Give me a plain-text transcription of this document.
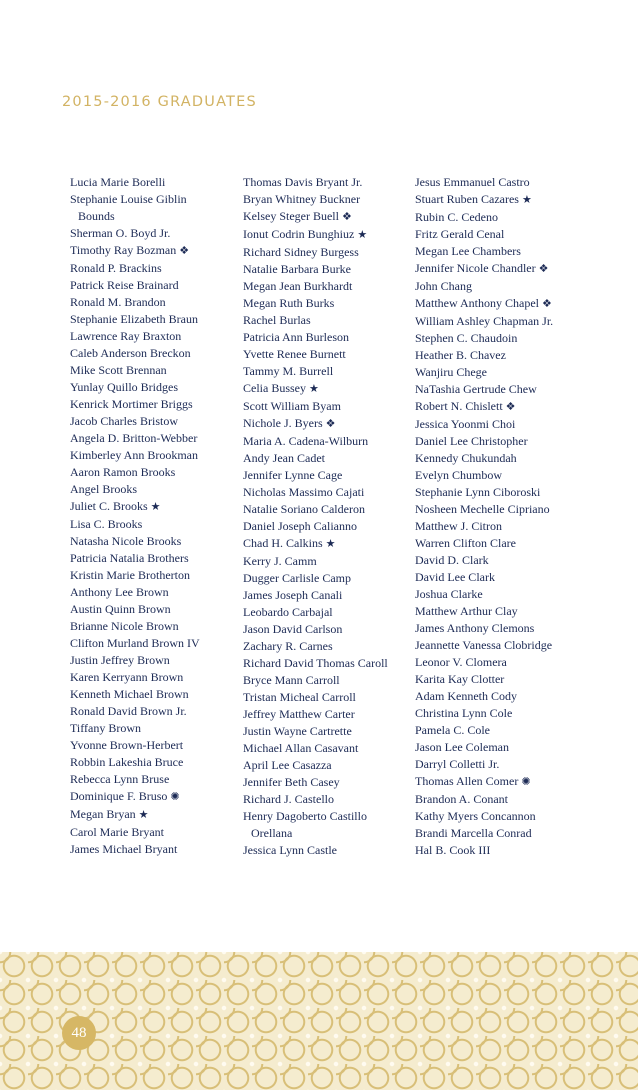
2015-2016 GRADUATES
Lucia Marie Borelli
Stephanie Louise Giblin
Bounds
Sherman O. Boyd Jr.
Timothy Ray Bozman ❖
Ronald P. Brackins
Patrick Reise Brainard
Ronald M. Brandon
Stephanie Elizabeth Braun
Lawrence Ray Braxton
Caleb Anderson Breckon
Mike Scott Brennan
Yunlay Quillo Bridges
Kenrick Mortimer Briggs
Jacob Charles Bristow
Angela D. Britton-Webber
Kimberley Ann Brookman
Aaron Ramon Brooks
Angel Brooks
Juliet C. Brooks ★
Lisa C. Brooks
Natasha Nicole Brooks
Patricia Natalia Brothers
Kristin Marie Brotherton
Anthony Lee Brown
Austin Quinn Brown
Brianne Nicole Brown
Clifton Murland Brown IV
Justin Jeffrey Brown
Karen Kerryann Brown
Kenneth Michael Brown
Ronald David Brown Jr.
Tiffany Brown
Yvonne Brown-Herbert
Robbin Lakeshia Bruce
Rebecca Lynn Bruse
Dominique F. Bruso ✺
Megan Bryan ★
Carol Marie Bryant
James Michael Bryant
Thomas Davis Bryant Jr.
Bryan Whitney Buckner
Kelsey Steger Buell ❖
Ionut Codrin Bunghiuz ★
Richard Sidney Burgess
Natalie Barbara Burke
Megan Jean Burkhardt
Megan Ruth Burks
Rachel Burlas
Patricia Ann Burleson
Yvette Renee Burnett
Tammy M. Burrell
Celia Bussey ★
Scott William Byam
Nichole J. Byers ❖
Maria A. Cadena-Wilburn
Andy Jean Cadet
Jennifer Lynne Cage
Nicholas Massimo Cajati
Natalie Soriano Calderon
Daniel Joseph Calianno
Chad H. Calkins ★
Kerry J. Camm
Dugger Carlisle Camp
James Joseph Canali
Leobardo Carbajal
Jason David Carlson
Zachary R. Carnes
Richard David Thomas Caroll
Bryce Mann Carroll
Tristan Micheal Carroll
Jeffrey Matthew Carter
Justin Wayne Cartrette
Michael Allan Casavant
April Lee Casazza
Jennifer Beth Casey
Richard J. Castello
Henry Dagoberto Castillo
Orellana
Jessica Lynn Castle
Jesus Emmanuel Castro
Stuart Ruben Cazares ★
Rubin C. Cedeno
Fritz Gerald Cenal
Megan Lee Chambers
Jennifer Nicole Chandler ❖
John Chang
Matthew Anthony Chapel ❖
William Ashley Chapman Jr.
Stephen C. Chaudoin
Heather B. Chavez
Wanjiru Chege
NaTashia Gertrude Chew
Robert N. Chislett ❖
Jessica Yoonmi Choi
Daniel Lee Christopher
Kennedy Chukundah
Evelyn Chumbow
Stephanie Lynn Ciboroski
Nosheen Mechelle Cipriano
Matthew J. Citron
Warren Clifton Clare
David D. Clark
David Lee Clark
Joshua Clarke
Matthew Arthur Clay
James Anthony Clemons
Jeannette Vanessa Clobridge
Leonor V. Clomera
Karita Kay Clotter
Adam Kenneth Cody
Christina Lynn Cole
Pamela C. Cole
Jason Lee Coleman
Darryl Colletti Jr.
Thomas Allen Comer ✺
Brandon A. Conant
Kathy Myers Concannon
Brandi Marcella Conrad
Hal B. Cook III
48
